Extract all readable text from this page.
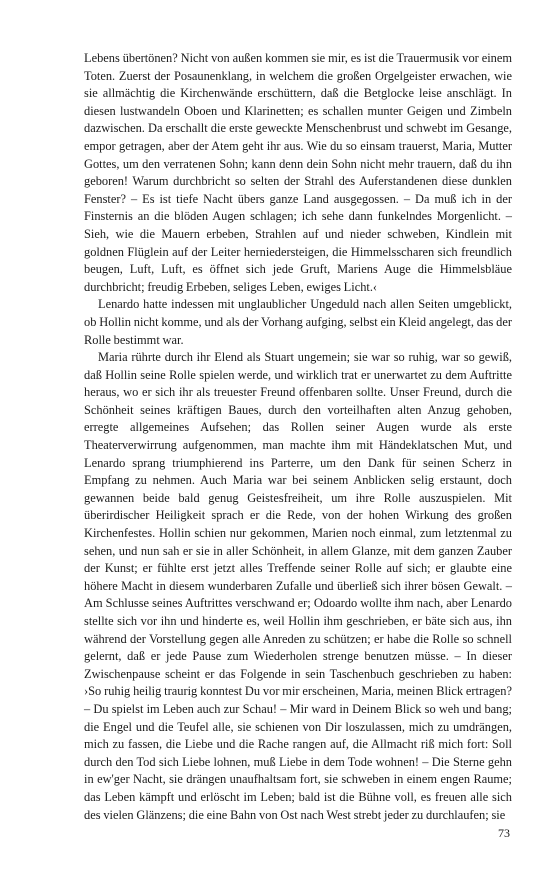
Lebens übertönen? Nicht von außen kommen sie mir, es ist die Trauermusik vor einem Toten. Zuerst der Posaunenklang, in welchem die großen Orgelgeister erwachen, wie sie allmächtig die Kirchenwände erschüttern, daß die Betglocke leise anschlägt. In diesen lustwandeln Oboen und Klarinetten; es schallen munter Geigen und Zimbeln dazwischen. Da erschallt die erste geweckte Menschenbrust und schwebt im Gesange, empor getragen, aber der Atem geht ihr aus. Wie du so einsam trauerst, Maria, Mutter Gottes, um den verratenen Sohn; kann denn dein Sohn nicht mehr trauern, daß du ihn geboren! Warum durchbricht so selten der Strahl des Auferstandenen diese dunklen Fenster? – Es ist tiefe Nacht übers ganze Land ausgegossen. – Da muß ich in der Finsternis an die blöden Augen schlagen; ich sehe dann funkelndes Morgenlicht. – Sieh, wie die Mauern erbeben, Strahlen auf und nieder schweben, Kindlein mit goldnen Flüglein auf der Leiter herniedersteigen, die Himmelsscharen sich freundlich beugen, Luft, Luft, es öffnet sich jede Gruft, Mariens Auge die Himmelsbläue durchbricht; freudig Erbeben, seliges Leben, ewiges Licht.‹

Lenardo hatte indessen mit unglaublicher Ungeduld nach allen Seiten umgeblickt, ob Hollin nicht komme, und als der Vorhang aufging, selbst ein Kleid angelegt, das der Rolle bestimmt war.

Maria rührte durch ihr Elend als Stuart ungemein; sie war so ruhig, war so gewiß, daß Hollin seine Rolle spielen werde, und wirklich trat er unerwartet zu dem Auftritte heraus, wo er sich ihr als treuester Freund offenbaren sollte. Unser Freund, durch die Schönheit seines kräftigen Baues, durch den vorteilhaften alten Anzug gehoben, erregte allgemeines Aufsehen; das Rollen seiner Augen wurde als erste Theaterverwirrung aufgenommen, man machte ihm mit Händeklatschen Mut, und Lenardo sprang triumphierend ins Parterre, um den Dank für seinen Scherz in Empfang zu nehmen. Auch Maria war bei seinem Anblicken selig erstaunt, doch gewannen beide bald genug Geistesfreiheit, um ihre Rolle auszuspielen. Mit überirdischer Heiligkeit sprach er die Rede, von der hohen Wirkung des großen Kirchenfestes. Hollin schien nur gekommen, Marien noch einmal, zum letztenmal zu sehen, und nun sah er sie in aller Schönheit, in allem Glanze, mit dem ganzen Zauber der Kunst; er fühlte erst jetzt alles Treffende seiner Rolle auf sich; er glaubte eine höhere Macht in diesem wunderbaren Zufalle und überließ sich ihrer bösen Gewalt. – Am Schlusse seines Auftrittes verschwand er; Odoardo wollte ihm nach, aber Lenardo stellte sich vor ihn und hinderte es, weil Hollin ihm geschrieben, er bäte sich aus, ihn während der Vorstellung gegen alle Anreden zu schützen; er habe die Rolle so schnell gelernt, daß er jede Pause zum Wiederholen strenge benutzen müsse. – In dieser Zwischenpause scheint er das Folgende in sein Taschenbuch geschrieben zu haben: ›So ruhig heilig traurig konntest Du vor mir erscheinen, Maria, meinen Blick ertragen? – Du spielst im Leben auch zur Schau! – Mir ward in Deinem Blick so weh und bang; die Engel und die Teufel alle, sie schienen von Dir loszulassen, mich zu umdrängen, mich zu fassen, die Liebe und die Rache rangen auf, die Allmacht riß mich fort: Soll durch den Tod sich Liebe lohnen, muß Liebe in dem Tode wohnen! – Die Sterne gehn in ew'ger Nacht, sie drängen unaufhaltsam fort, sie schweben in einem engen Raume; das Leben kämpft und erlöscht im Leben; bald ist die Bühne voll, es freuen alle sich des vielen Glänzens; die eine Bahn von Ost nach West strebt jeder zu durchlaufen; sie

73
